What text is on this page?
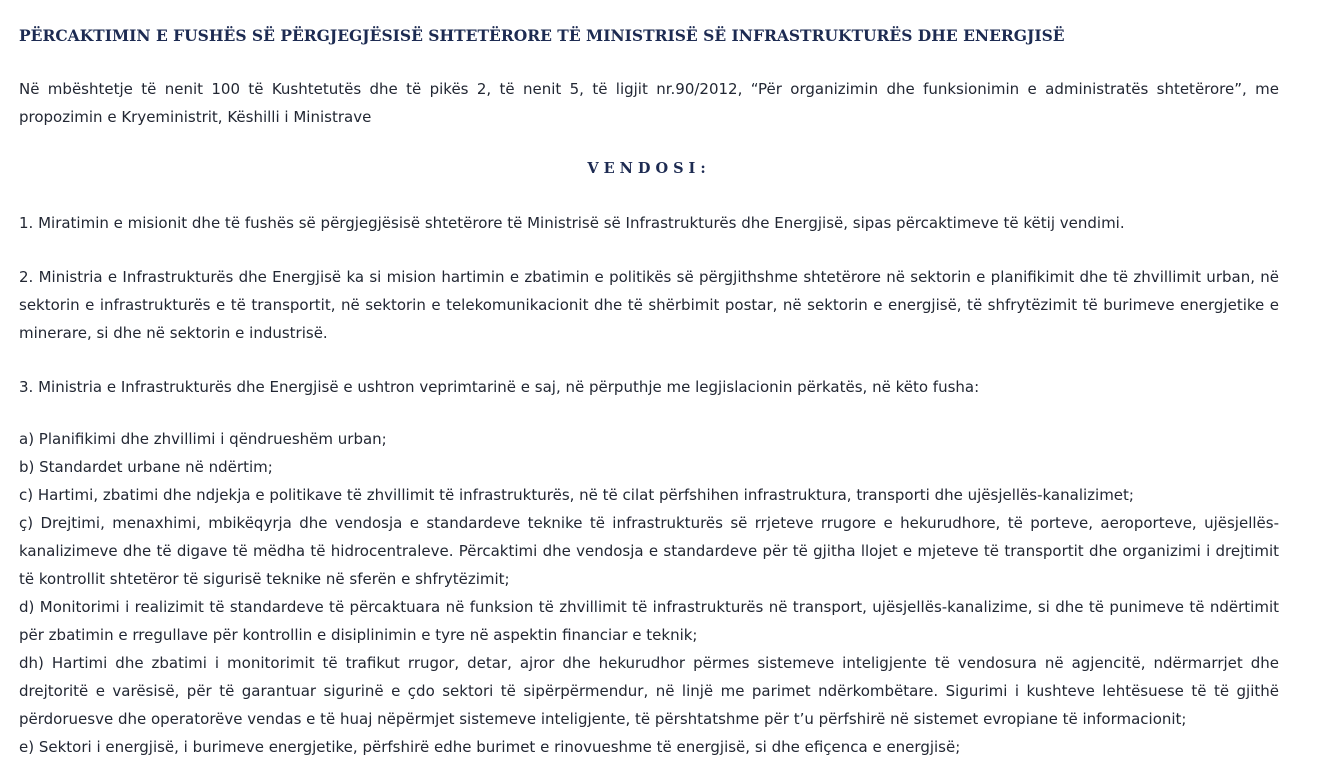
PËRCAKTIMIN E FUSHËS SË PËRGJEGJËSISË SHTETËRORE TË MINISTRISË SË INFRASTRUKTURËS DHE ENERGJISË

Në mbështetje të nenit 100 të Kushtetutës dhe të pikës 2, të nenit 5, të ligjit nr.90/2012, “Për organizimin dhe funksionimin e administratës shtetërore”, me propozimin e Kryeministrit, Këshilli i Ministrave

VENDOSI:

1. Miratimin e misionit dhe të fushës së përgjegjësisë shtetërore të Ministrisë së Infrastrukturës dhe Energjisë, sipas përcaktimeve të këtij vendimi.

2. Ministria e Infrastrukturës dhe Energjisë ka si mision hartimin e zbatimin e politikës së përgjithshme shtetërore në sektorin e planifikimit dhe të zhvillimit urban, në sektorin e infrastrukturës e të transportit, në sektorin e telekomunikacionit dhe të shërbimit postar, në sektorin e energjisë, të shfrytëzimit të burimeve energjetike e minerare, si dhe në sektorin e industrisë.

3. Ministria e Infrastrukturës dhe Energjisë e ushtron veprimtarinë e saj, në përputhje me legjislacionin përkatës, në këto fusha:

a) Planifikimi dhe zhvillimi i qëndrueshëm urban;
b) Standardet urbane në ndërtim;
c) Hartimi, zbatimi dhe ndjekja e politikave të zhvillimit të infrastrukturës, në të cilat përfshihen infrastruktura, transporti dhe ujësjellës-kanalizimet;
ç) Drejtimi, menaxhimi, mbikëqyrja dhe vendosja e standardeve teknike të infrastrukturës së rrjeteve rrugore e hekurudhore, të porteve, aeroporteve, ujësjellës-kanalizimeve dhe të digave të mëdha të hidrocentraleve. Përcaktimi dhe vendosja e standardeve për të gjitha llojet e mjeteve të transportit dhe organizimi i drejtimit të kontrollit shtetëror të sigurisë teknike në sferën e shfrytëzimit;
d) Monitorimi i realizimit të standardeve të përcaktuara në funksion të zhvillimit të infrastrukturës në transport, ujësjellës-kanalizime, si dhe të punimeve të ndërtimit për zbatimin e rregullave për kontrollin e disiplinimin e tyre në aspektin financiar e teknik;
dh) Hartimi dhe zbatimi i monitorimit të trafikut rrugor, detar, ajror dhe hekurudhor përmes sistemeve inteligjente të vendosura në agjencitë, ndërmarrjet dhe drejtoritë e varësisë, për të garantuar sigurinë e çdo sektori të sipërpërmendur, në linjë me parimet ndërkombëtare. Sigurimi i kushteve lehtësuese të të gjithë përdoruesve dhe operatorëve vendas e të huaj nëpërmjet sistemeve inteligjente, të përshtatshme për t’u përfshirë në sistemet evropiane të informacionit;
e) Sektori i energjisë, i burimeve energjetike, përfshirë edhe burimet e rinovueshme të energjisë, si dhe efiçenca e energjisë;
